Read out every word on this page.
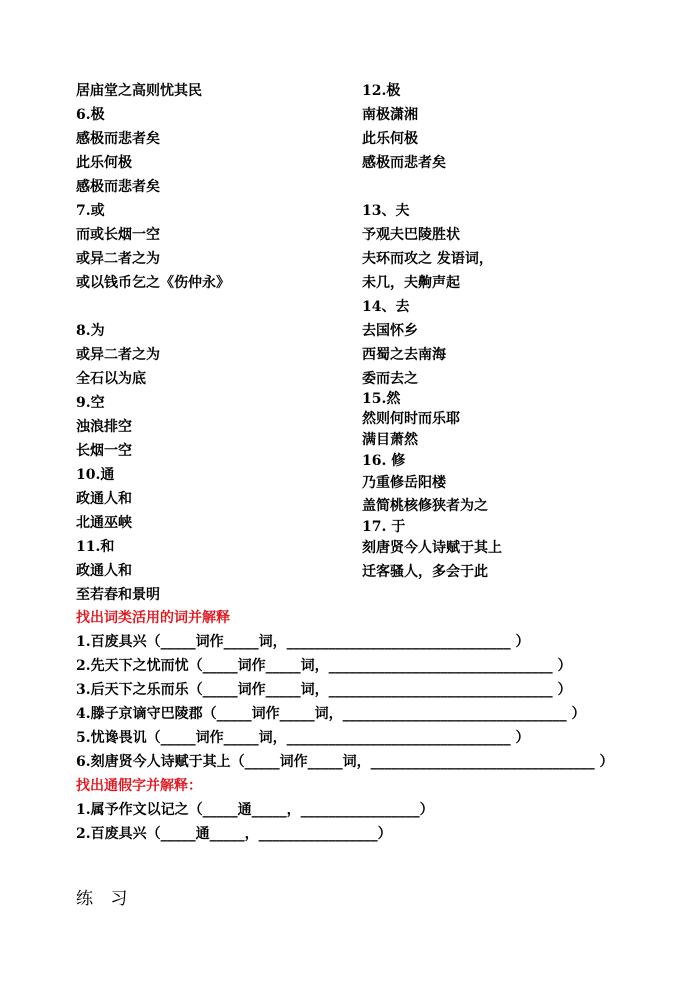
居庙堂之高则忧其民
6.极
感极而悲者矣
此乐何极
感极而悲者矣
7.或
而或长烟一空
或异二者之为
或以钱币乞之《伤仲永》
8.为
或异二者之为
全石以为底
9.空
浊浪排空
长烟一空
10.通
政通人和
北通巫峡
11.和
政通人和
至若春和景明
12.极
南极潇湘
此乐何极
感极而悲者矣
13、夫
予观夫巴陵胜状
夫环而攻之 发语词，
未几，夫齁声起
14、去
去国怀乡
西蜀之去南海
委而去之
15.然
然则何时而乐耶
满目萧然
16. 修
乃重修岳阳楼
盖简桃核修狭者为之
17. 于
刻唐贤今人诗赋于其上
迁客骚人，多会于此
找出词类活用的词并解释
1.百废具兴（_____词作_____词，________________________________ ）
2.先天下之忧而忧（_____词作_____词，________________________________ ）
3.后天下之乐而乐（_____词作_____词，________________________________ ）
4.滕子京谪守巴陵郡（_____词作_____词，________________________________ ）
5.忧谗畏讥（_____词作_____词，________________________________ ）
6.刻唐贤今人诗赋于其上（_____词作_____词，________________________________ ）
找出通假字并解释：
1.属予作文以记之（_____通_____，_________________）
2.百废具兴（_____通_____，_________________）
练 习
